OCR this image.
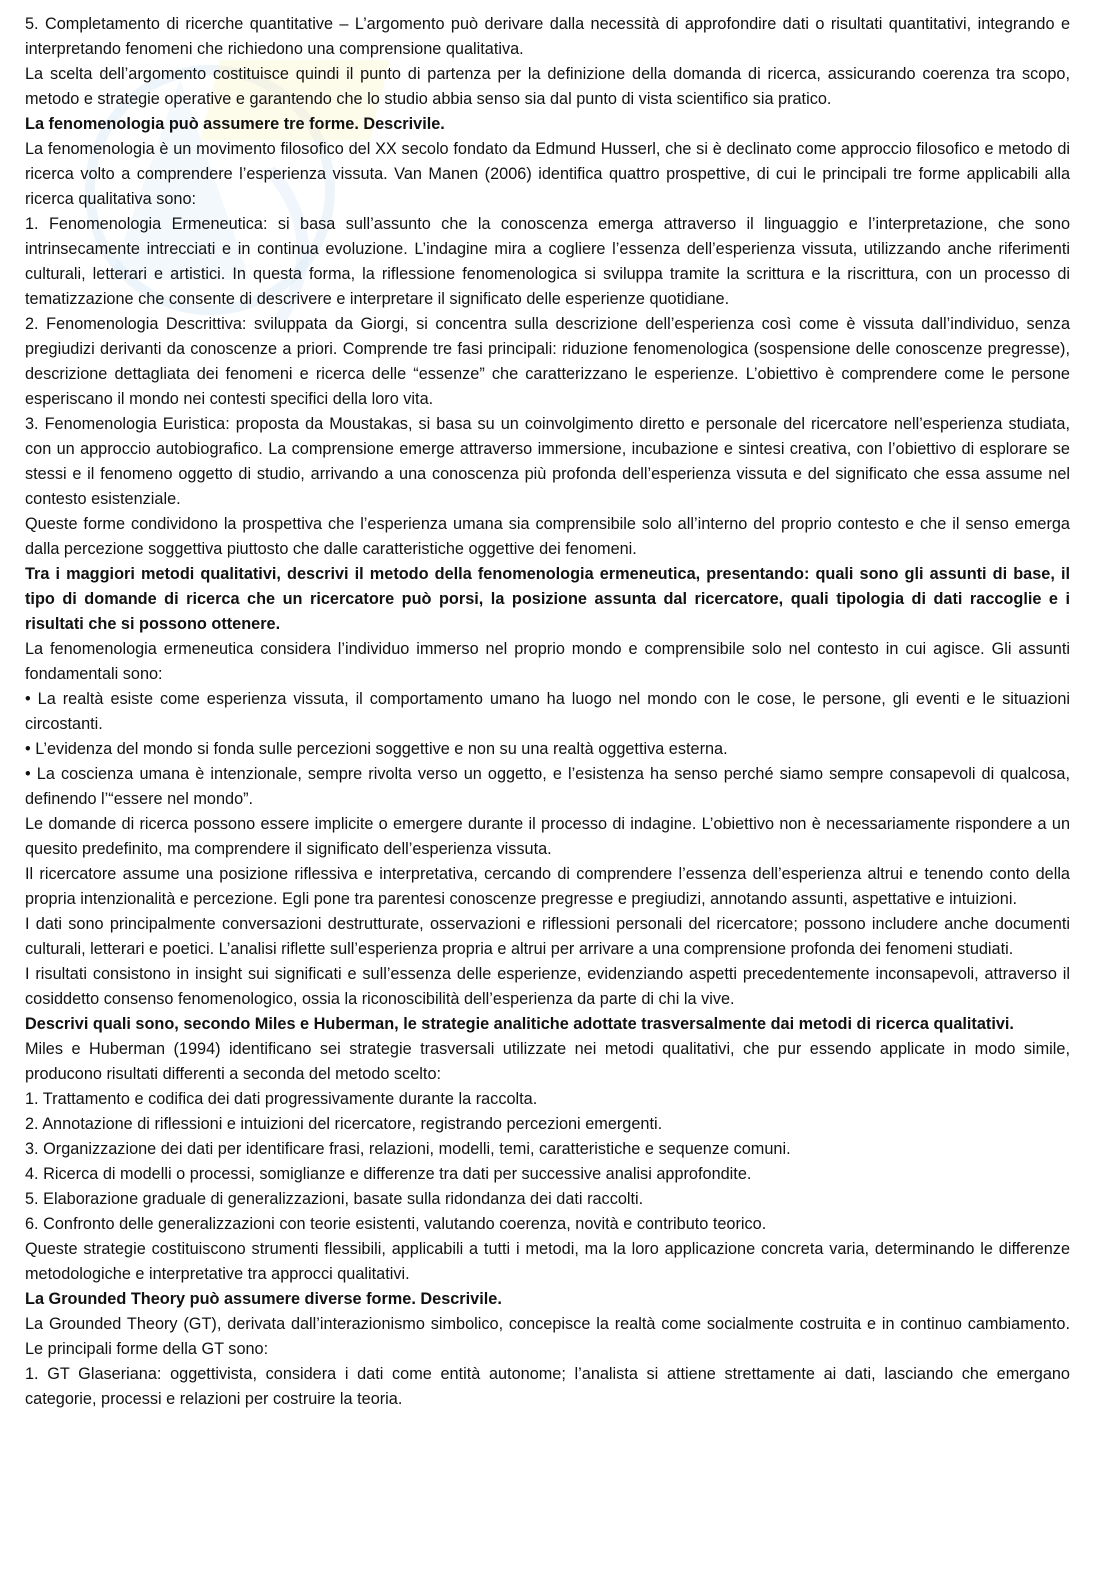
5. Completamento di ricerche quantitative – L’argomento può derivare dalla necessità di approfondire dati o risultati quantitativi, integrando e interpretando fenomeni che richiedono una comprensione qualitativa.

La scelta dell’argomento costituisce quindi il punto di partenza per la definizione della domanda di ricerca, assicurando coerenza tra scopo, metodo e strategie operative e garantendo che lo studio abbia senso sia dal punto di vista scientifico sia pratico.

La fenomenologia può assumere tre forme. Descrivile.

La fenomenologia è un movimento filosofico del XX secolo fondato da Edmund Husserl, che si è declinato come approccio filosofico e metodo di ricerca volto a comprendere l’esperienza vissuta. Van Manen (2006) identifica quattro prospettive, di cui le principali tre forme applicabili alla ricerca qualitativa sono:

1. Fenomenologia Ermeneutica: si basa sull’assunto che la conoscenza emerga attraverso il linguaggio e l’interpretazione, che sono intrinsecamente intrecciati e in continua evoluzione. L’indagine mira a cogliere l’essenza dell’esperienza vissuta, utilizzando anche riferimenti culturali, letterari e artistici. In questa forma, la riflessione fenomenologica si sviluppa tramite la scrittura e la riscrittura, con un processo di tematizzazione che consente di descrivere e interpretare il significato delle esperienze quotidiane.

2. Fenomenologia Descrittiva: sviluppata da Giorgi, si concentra sulla descrizione dell’esperienza così come è vissuta dall’individuo, senza pregiudizi derivanti da conoscenze a priori. Comprende tre fasi principali: riduzione fenomenologica (sospensione delle conoscenze pregresse), descrizione dettagliata dei fenomeni e ricerca delle “essenze” che caratterizzano le esperienze. L’obiettivo è comprendere come le persone esperiscano il mondo nei contesti specifici della loro vita.

3. Fenomenologia Euristica: proposta da Moustakas, si basa su un coinvolgimento diretto e personale del ricercatore nell’esperienza studiata, con un approccio autobiografico. La comprensione emerge attraverso immersione, incubazione e sintesi creativa, con l’obiettivo di esplorare se stessi e il fenomeno oggetto di studio, arrivando a una conoscenza più profonda dell’esperienza vissuta e del significato che essa assume nel contesto esistenziale.

Queste forme condividono la prospettiva che l’esperienza umana sia comprensibile solo all’interno del proprio contesto e che il senso emerga dalla percezione soggettiva piuttosto che dalle caratteristiche oggettive dei fenomeni.

Tra i maggiori metodi qualitativi, descrivi il metodo della fenomenologia ermeneutica, presentando: quali sono gli assunti di base, il tipo di domande di ricerca che un ricercatore può porsi, la posizione assunta dal ricercatore, quali tipologia di dati raccoglie e i risultati che si possono ottenere.

La fenomenologia ermeneutica considera l’individuo immerso nel proprio mondo e comprensibile solo nel contesto in cui agisce. Gli assunti fondamentali sono:

• La realtà esiste come esperienza vissuta, il comportamento umano ha luogo nel mondo con le cose, le persone, gli eventi e le situazioni circostanti.

• L’evidenza del mondo si fonda sulle percezioni soggettive e non su una realtà oggettiva esterna.

• La coscienza umana è intenzionale, sempre rivolta verso un oggetto, e l’esistenza ha senso perché siamo sempre consapevoli di qualcosa, definendo l’“essere nel mondo”.

Le domande di ricerca possono essere implicite o emergere durante il processo di indagine. L’obiettivo non è necessariamente rispondere a un quesito predefinito, ma comprendere il significato dell’esperienza vissuta.

Il ricercatore assume una posizione riflessiva e interpretativa, cercando di comprendere l’essenza dell’esperienza altrui e tenendo conto della propria intenzionalità e percezione. Egli pone tra parentesi conoscenze pregresse e pregiudizi, annotando assunti, aspettative e intuizioni.

I dati sono principalmente conversazioni destrutturate, osservazioni e riflessioni personali del ricercatore; possono includere anche documenti culturali, letterari e poetici. L’analisi riflette sull’esperienza propria e altrui per arrivare a una comprensione profonda dei fenomeni studiati.

I risultati consistono in insight sui significati e sull’essenza delle esperienze, evidenziando aspetti precedentemente inconsapevoli, attraverso il cosiddetto consenso fenomenologico, ossia la riconoscibilità dell’esperienza da parte di chi la vive.

Descrivi quali sono, secondo Miles e Huberman, le strategie analitiche adottate trasversalmente dai metodi di ricerca qualitativi.

Miles e Huberman (1994) identificano sei strategie trasversali utilizzate nei metodi qualitativi, che pur essendo applicate in modo simile, producono risultati differenti a seconda del metodo scelto:

1. Trattamento e codifica dei dati progressivamente durante la raccolta.

2. Annotazione di riflessioni e intuizioni del ricercatore, registrando percezioni emergenti.

3. Organizzazione dei dati per identificare frasi, relazioni, modelli, temi, caratteristiche e sequenze comuni.

4. Ricerca di modelli o processi, somiglianze e differenze tra dati per successive analisi approfondite.

5. Elaborazione graduale di generalizzazioni, basate sulla ridondanza dei dati raccolti.

6. Confronto delle generalizzazioni con teorie esistenti, valutando coerenza, novità e contributo teorico.

Queste strategie costituiscono strumenti flessibili, applicabili a tutti i metodi, ma la loro applicazione concreta varia, determinando le differenze metodologiche e interpretative tra approcci qualitativi.

La Grounded Theory può assumere diverse forme. Descrivile.

La Grounded Theory (GT), derivata dall’interazionismo simbolico, concepisce la realtà come socialmente costruita e in continuo cambiamento. Le principali forme della GT sono:

1. GT Glaseriana: oggettivista, considera i dati come entità autonome; l’analista si attiene strettamente ai dati, lasciando che emergano categorie, processi e relazioni per costruire la teoria.
